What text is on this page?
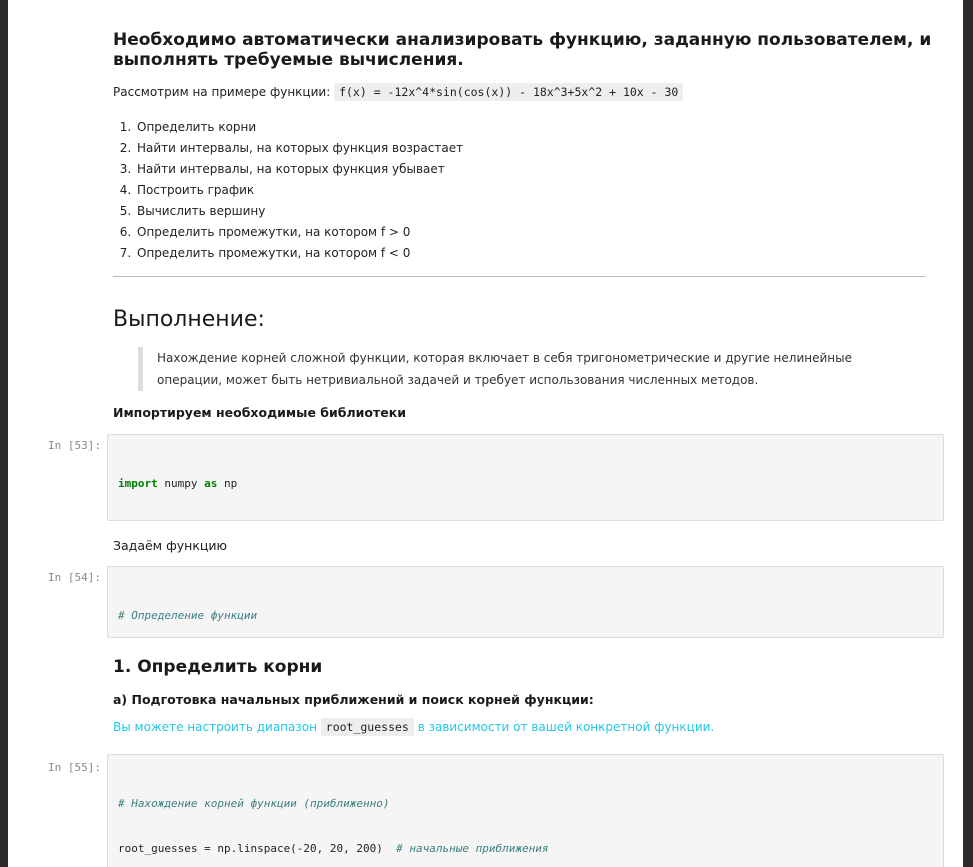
Необходимо автоматически анализировать функцию, заданную пользователем, и выполнять требуемые вычисления.
Рассмотрим на примере функции: f(x) = -12x^4*sin(cos(x)) - 18x^3+5x^2 + 10x - 30
1. Определить корни
2. Найти интервалы, на которых функция возрастает
3. Найти интервалы, на которых функция убывает
4. Построить график
5. Вычислить вершину
6. Определить промежутки, на котором f > 0
7. Определить промежутки, на котором f < 0
Выполнение:
Нахождение корней сложной функции, которая включает в себя тригонометрические и другие нелинейные операции, может быть нетривиальной задачей и требует использования численных методов.
Импортируем необходимые библиотеки
In [53]:

import numpy as np

Задаём функцию
In [54]:

# Определение функции

1. Определить корни
а) Подготовка начальных приближений и поиск корней функции:
Вы можете настроить диапазон root_guesses в зависимости от вашей конкретной функции.
In [55]:

# Нахождение корней функции (приближенно)

root_guesses = np.linspace(-20, 20, 200)  # начальные приближения
